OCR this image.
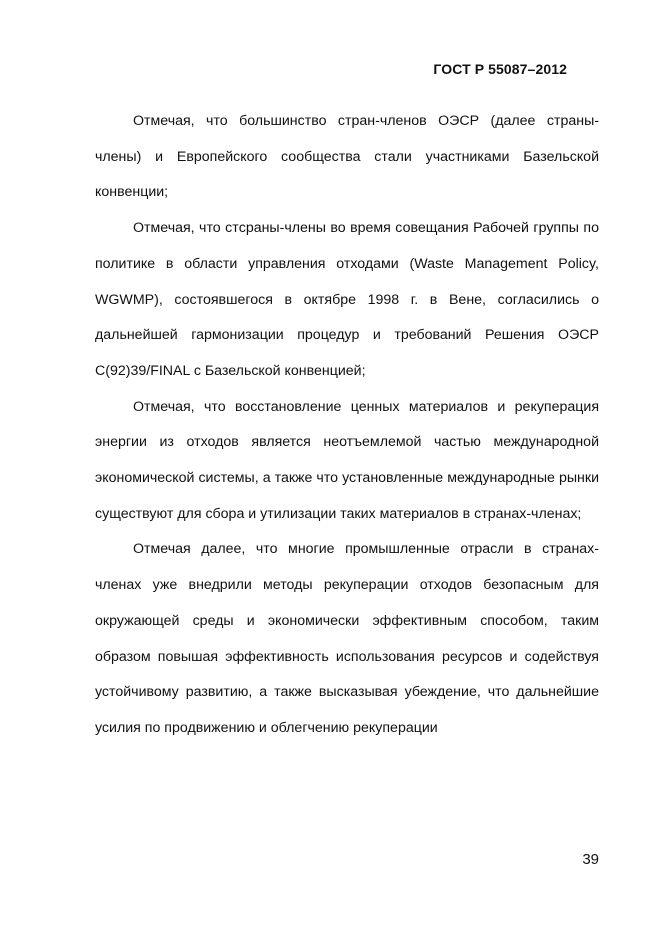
ГОСТ Р 55087–2012

Отмечая, что большинство стран-членов ОЭСР (далее страны-члены) и Европейского сообщества стали участниками Базельской конвенции;

Отмечая, что стcраны-члены во время совещания Рабочей группы по политике в области управления отходами (Waste Management Policy, WGWMP), состоявшегося в октябре 1998 г. в Вене, согласились о дальнейшей гармонизации процедур и требований Решения ОЭСР C(92)39/FINAL с Базельской конвенцией;

Отмечая, что восстановление ценных материалов и рекуперация энергии из отходов является неотъемлемой частью международной экономической системы, а также что установленные международные рынки существуют для сбора и утилизации таких материалов в странах-членах;

Отмечая далее, что многие промышленные отрасли в странах-членах уже внедрили методы рекуперации отходов безопасным для окружающей среды и экономически эффективным способом, таким образом повышая эффективность использования ресурсов и содействуя устойчивому развитию, а также высказывая убеждение, что дальнейшие усилия по продвижению и облегчению рекуперации

39
